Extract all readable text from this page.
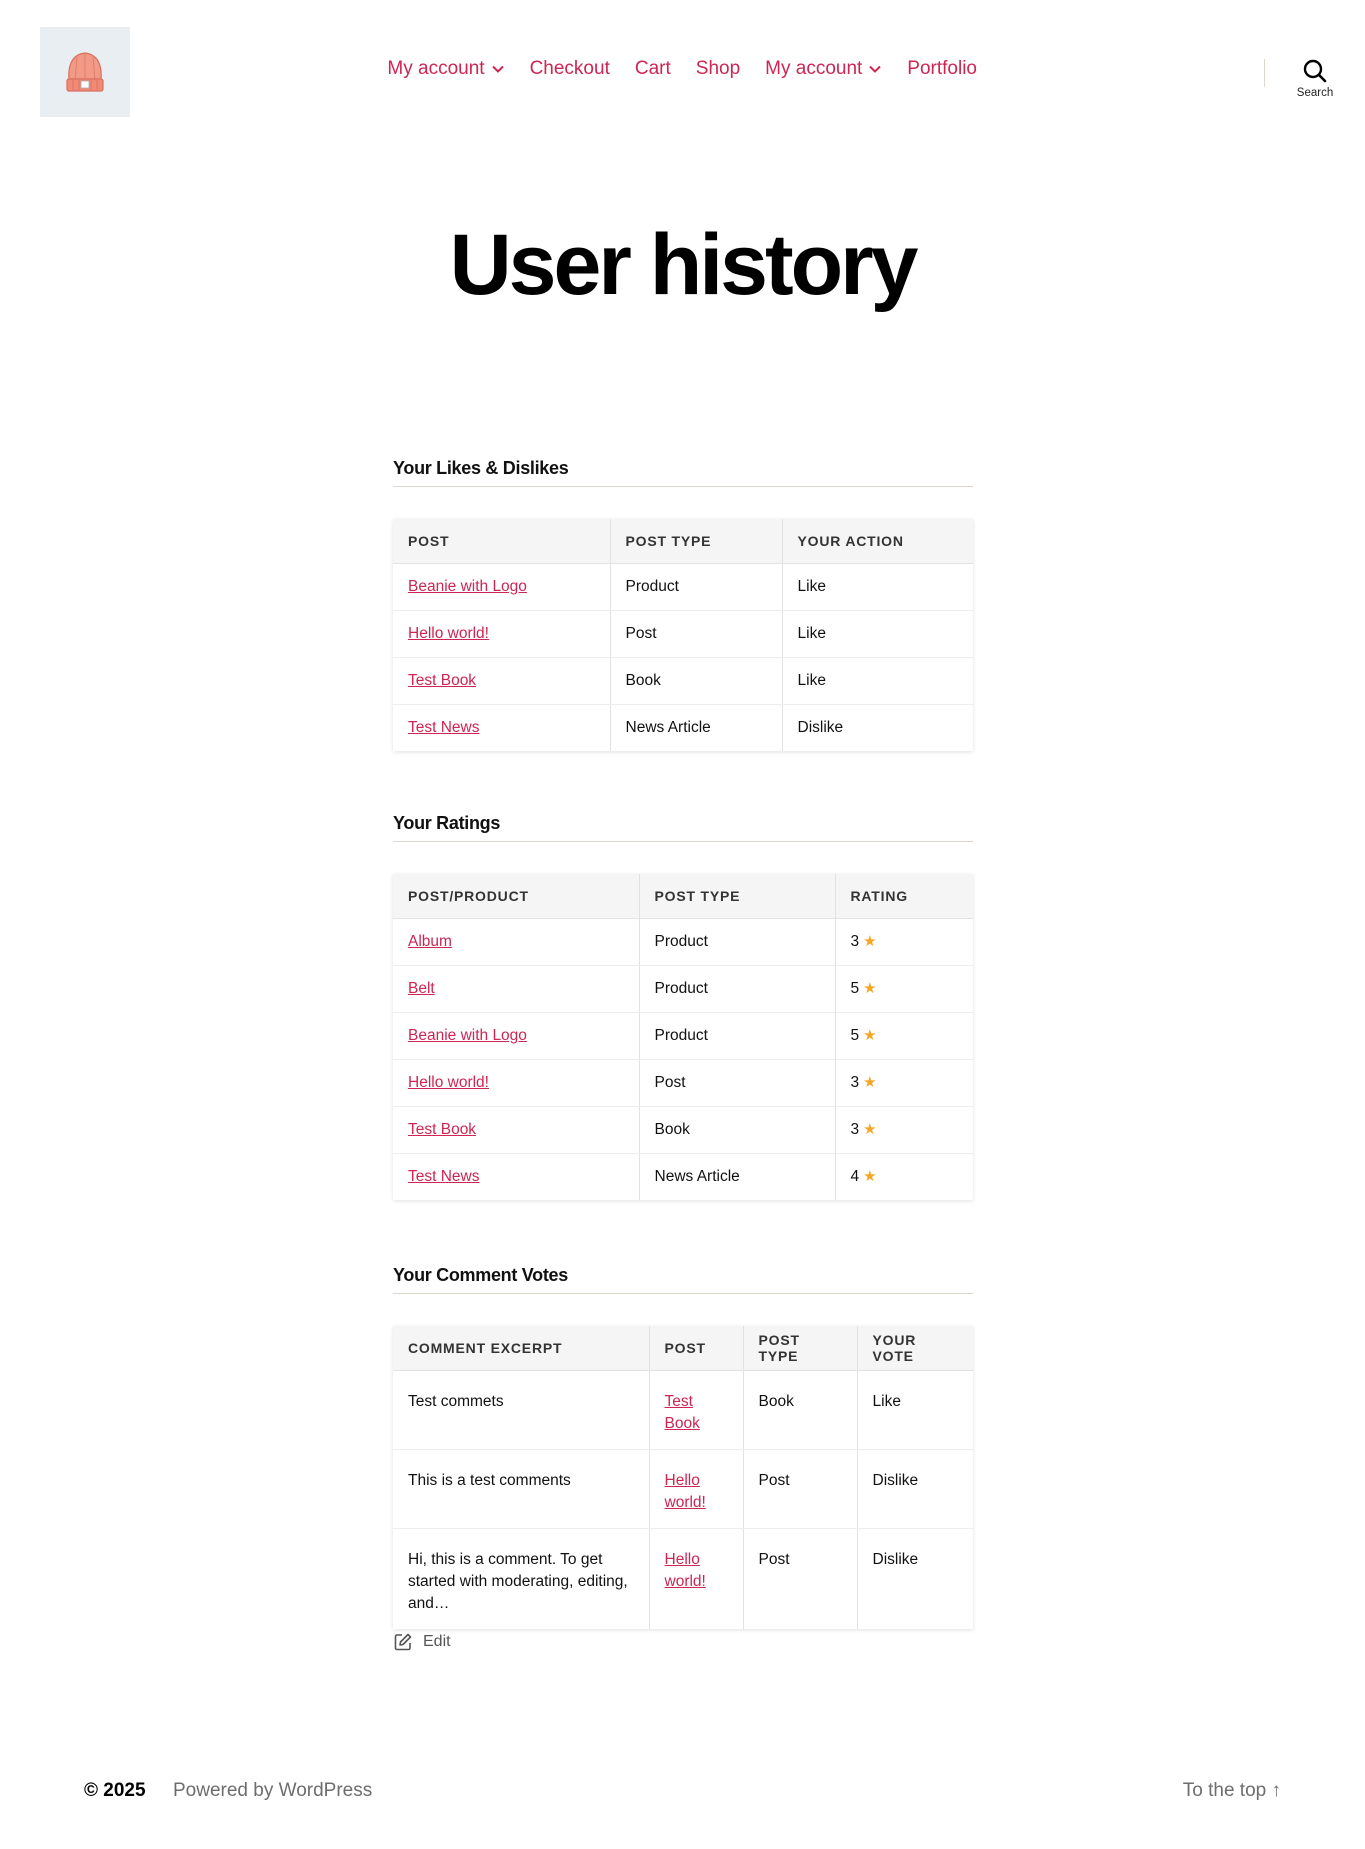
My account Checkout Cart Shop My account Portfolio
Search
User history
Your Likes & Dislikes
POST	POST TYPE	YOUR ACTION
Beanie with Logo	Product	Like
Hello world!	Post	Like
Test Book	Book	Like
Test News	News Article	Dislike
Your Ratings
POST/PRODUCT	POST TYPE	RATING
Album	Product	3 ★
Belt	Product	5 ★
Beanie with Logo	Product	5 ★
Hello world!	Post	3 ★
Test Book	Book	3 ★
Test News	News Article	4 ★
Your Comment Votes
COMMENT EXCERPT	POST	POST TYPE	YOUR VOTE
Test commets	Test Book	Book	Like
This is a test comments	Hello world!	Post	Dislike
Hi, this is a comment. To get started with moderating, editing, and…	Hello world!	Post	Dislike
Edit
© 2025 Powered by WordPress	To the top ↑
